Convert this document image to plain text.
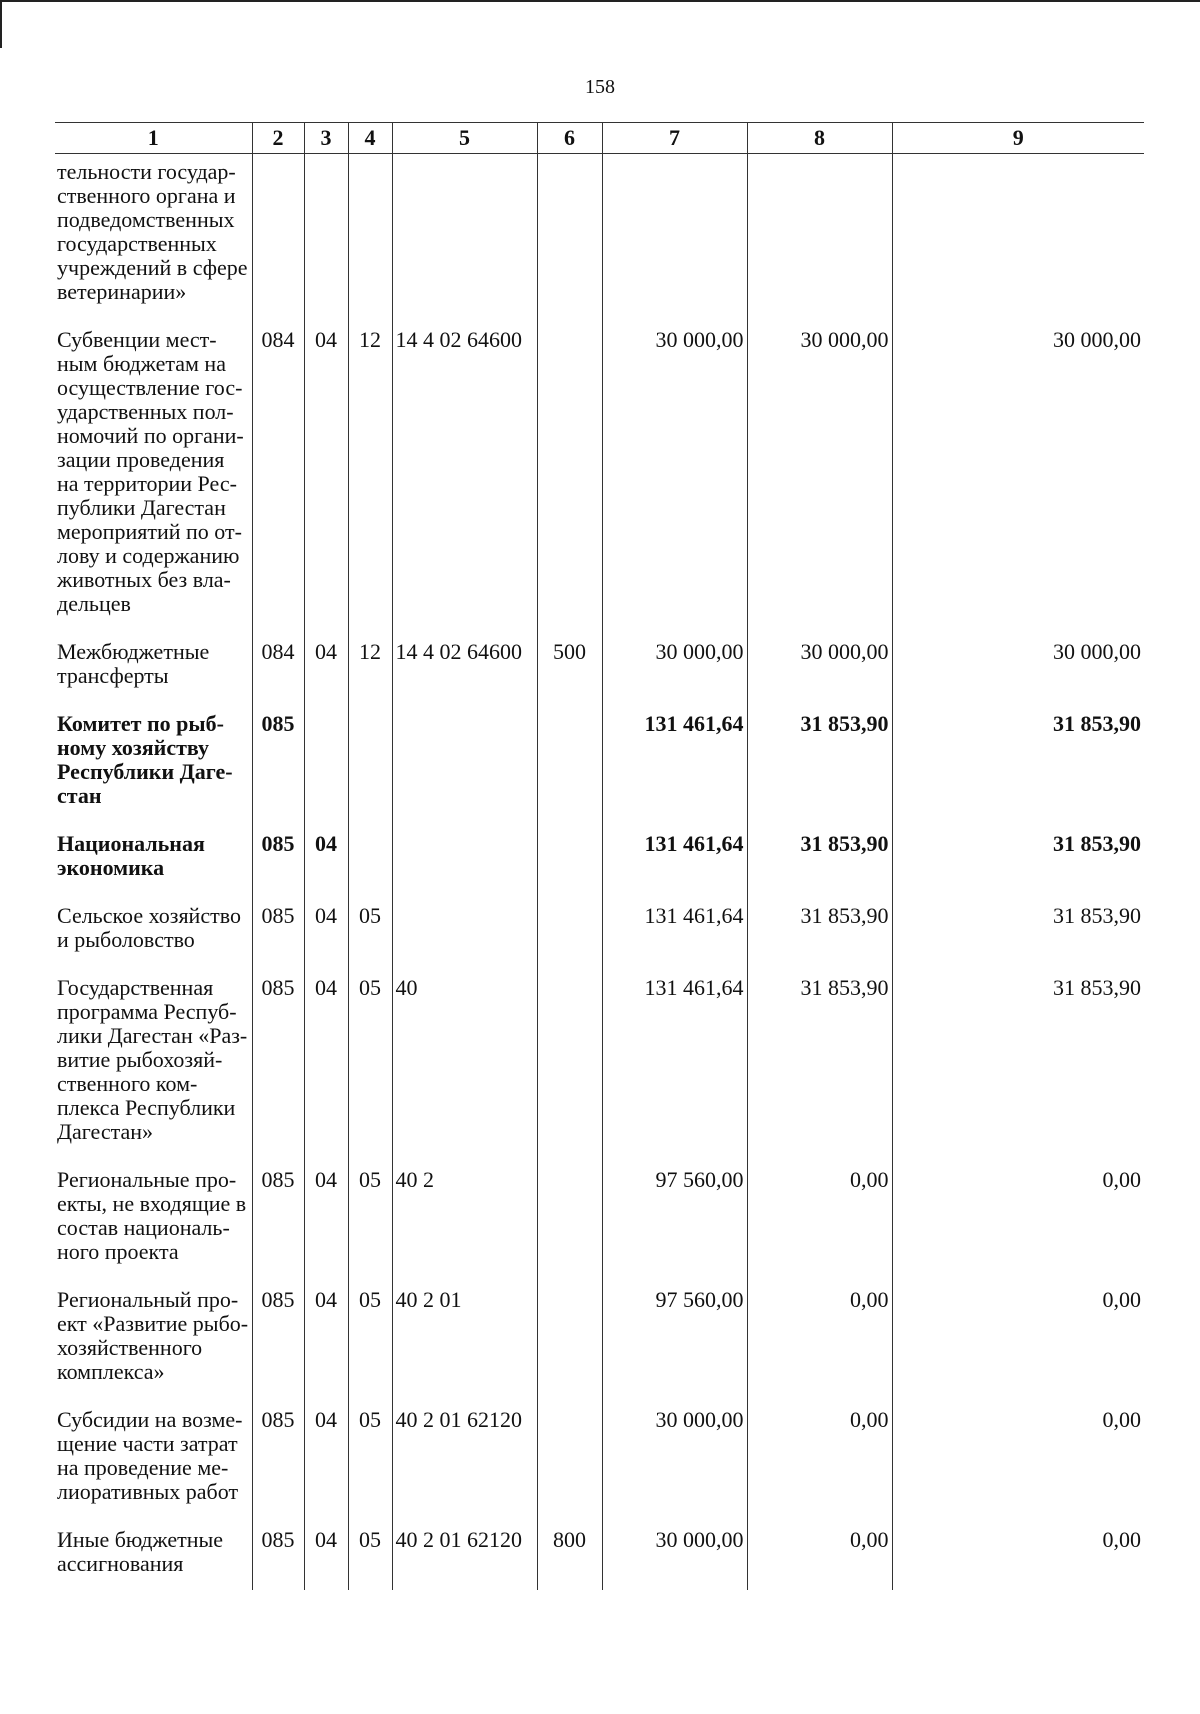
158
1	2	3	4	5	6	7	8	9
тельности государ-ственного органа и подведомственных государственных учреждений в сфере ветеринарии»								
Субвенции мест-ным бюджетам на осуществление гос-ударственных пол-номочий по органи-зации проведения на территории Рес-публики Дагестан мероприятий по от-лову и содержанию животных без вла-дельцев	084	04	12	14 4 02 64600		30 000,00	30 000,00	30 000,00
Межбюджетные трансферты	084	04	12	14 4 02 64600	500	30 000,00	30 000,00	30 000,00
Комитет по рыб-ному хозяйству Республики Даге-стан	085					131 461,64	31 853,90	31 853,90
Национальная экономика	085	04				131 461,64	31 853,90	31 853,90
Сельское хозяйство и рыболовство	085	04	05			131 461,64	31 853,90	31 853,90
Государственная программа Респуб-лики Дагестан «Раз-витие рыбохозяй-ственного ком-плекса Республики Дагестан»	085	04	05	40		131 461,64	31 853,90	31 853,90
Региональные про-екты, не входящие в состав националь-ного проекта	085	04	05	40 2		97 560,00	0,00	0,00
Региональный про-ект «Развитие рыбо-хозяйственного комплекса»	085	04	05	40 2 01		97 560,00	0,00	0,00
Субсидии на возме-щение части затрат на проведение ме-лиоративных работ	085	04	05	40 2 01 62120		30 000,00	0,00	0,00
Иные бюджетные ассигнования	085	04	05	40 2 01 62120	800	30 000,00	0,00	0,00
